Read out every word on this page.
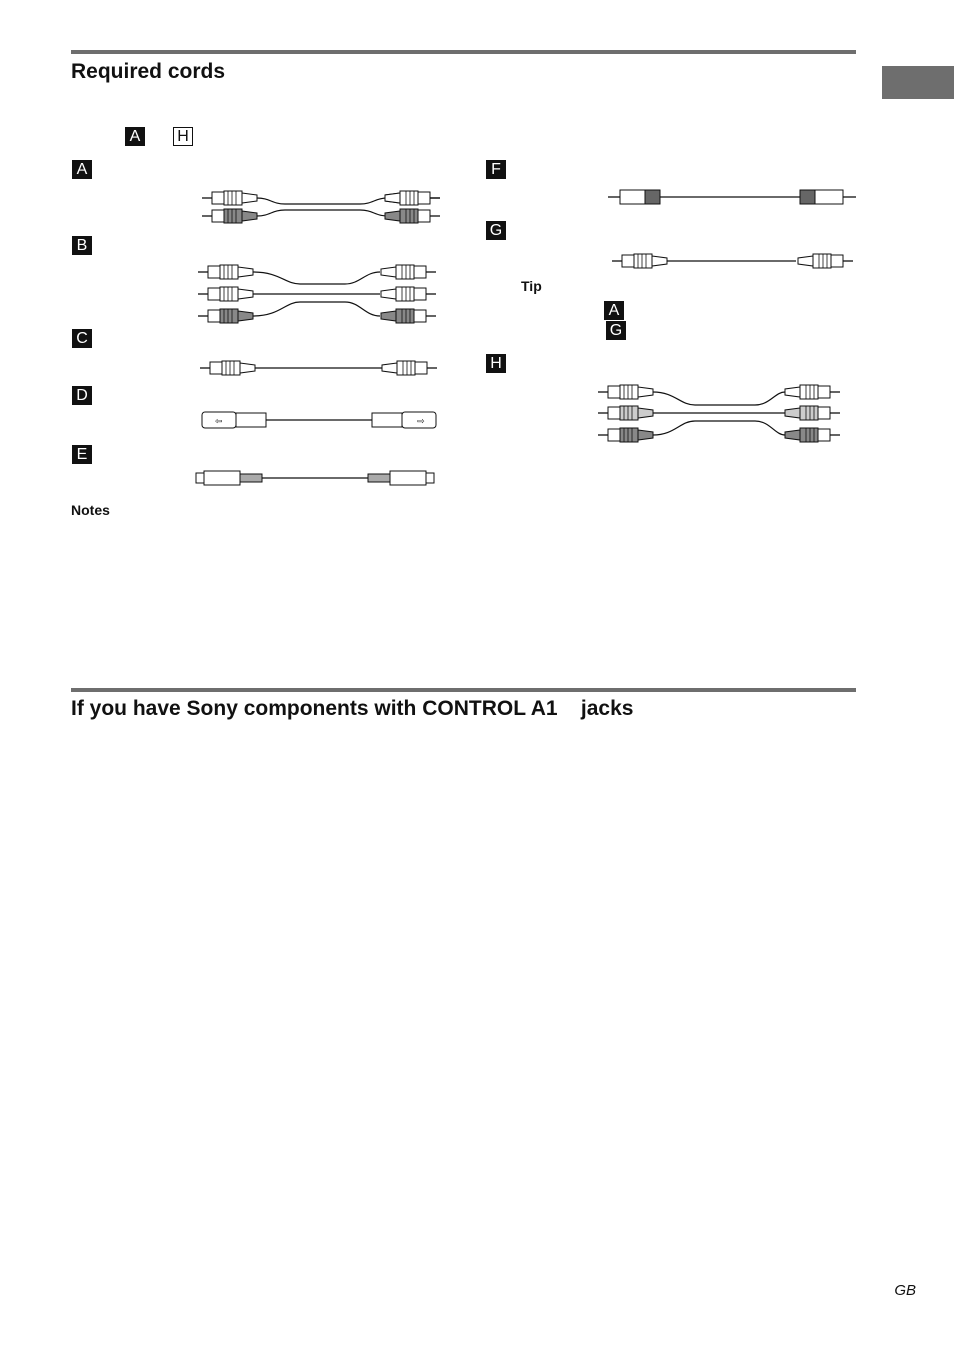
Required cords
A H
A
B
C
D
E
F
G
H
Tip
A
G
Notes
⇦	⇨
If you have Sony components with CONTROL A1    jacks
GB
